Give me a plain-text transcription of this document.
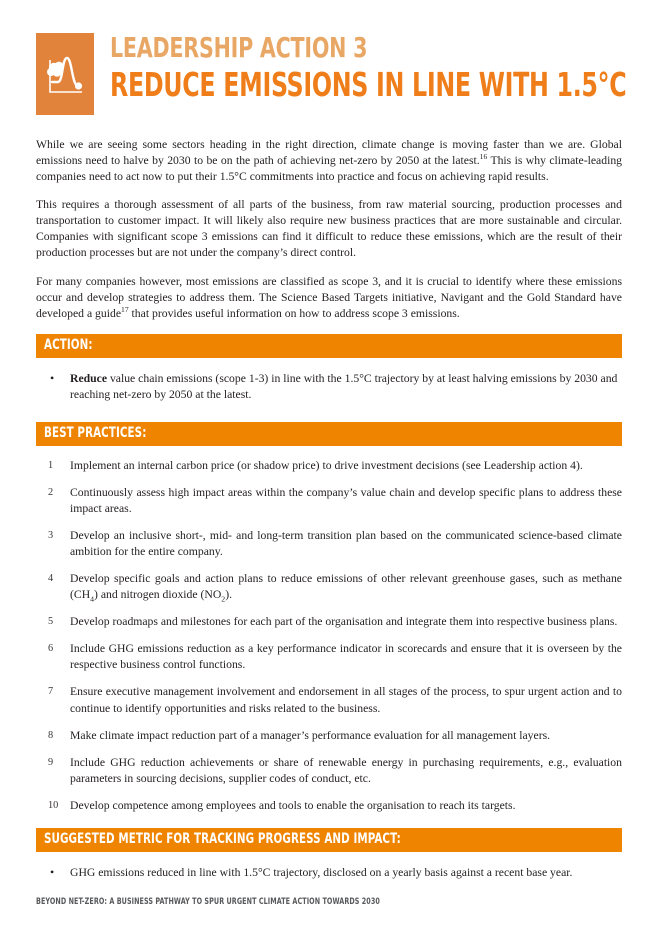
LEADERSHIP ACTION 3
REDUCE EMISSIONS IN LINE WITH 1.5°C

While we are seeing some sectors heading in the right direction, climate change is moving faster than we are. Global emissions need to halve by 2030 to be on the path of achieving net-zero by 2050 at the latest.$^{16}$ This is why climate-leading companies need to act now to put their 1.5°C commitments into practice and focus on achieving rapid results.

This requires a thorough assessment of all parts of the business, from raw material sourcing, production processes and transportation to customer impact. It will likely also require new business practices that are more sustainable and circular. Companies with significant scope 3 emissions can find it difficult to reduce these emissions, which are the result of their production processes but are not under the company’s direct control.

For many companies however, most emissions are classified as scope 3, and it is crucial to identify where these emissions occur and develop strategies to address them. The Science Based Targets initiative, Navigant and the Gold Standard have developed a guide$^{17}$ that provides useful information on how to address scope 3 emissions.

ACTION:
• Reduce value chain emissions (scope 1-3) in line with the 1.5°C trajectory by at least halving emissions by 2030 and reaching net-zero by 2050 at the latest.
BEST PRACTICES:
1	Implement an internal carbon price (or shadow price) to drive investment decisions (see Leadership action 4).
2	Continuously assess high impact areas within the company’s value chain and develop specific plans to address these impact areas.
3	Develop an inclusive short-, mid- and long-term transition plan based on the communicated science-based climate ambition for the entire company.
4	Develop specific goals and action plans to reduce emissions of other relevant greenhouse gases, such as methane $(CH_4)$ and nitrogen dioxide $(NO_2)$.
5	Develop roadmaps and milestones for each part of the organisation and integrate them into respective business plans.
6	Include GHG emissions reduction as a key performance indicator in scorecards and ensure that it is overseen by the respective business control functions.
7	Ensure executive management involvement and endorsement in all stages of the process, to spur urgent action and to continue to identify opportunities and risks related to the business.
8	Make climate impact reduction part of a manager’s performance evaluation for all management layers.
9	Include GHG reduction achievements or share of renewable energy in purchasing requirements, e.g., evaluation parameters in sourcing decisions, supplier codes of conduct, etc.
10	Develop competence among employees and tools to enable the organisation to reach its targets.
SUGGESTED METRIC FOR TRACKING PROGRESS AND IMPACT:
• GHG emissions reduced in line with 1.5°C trajectory, disclosed on a yearly basis against a recent base year.
BEYOND NET-ZERO: A BUSINESS PATHWAY TO SPUR URGENT CLIMATE ACTION TOWARDS 2030
